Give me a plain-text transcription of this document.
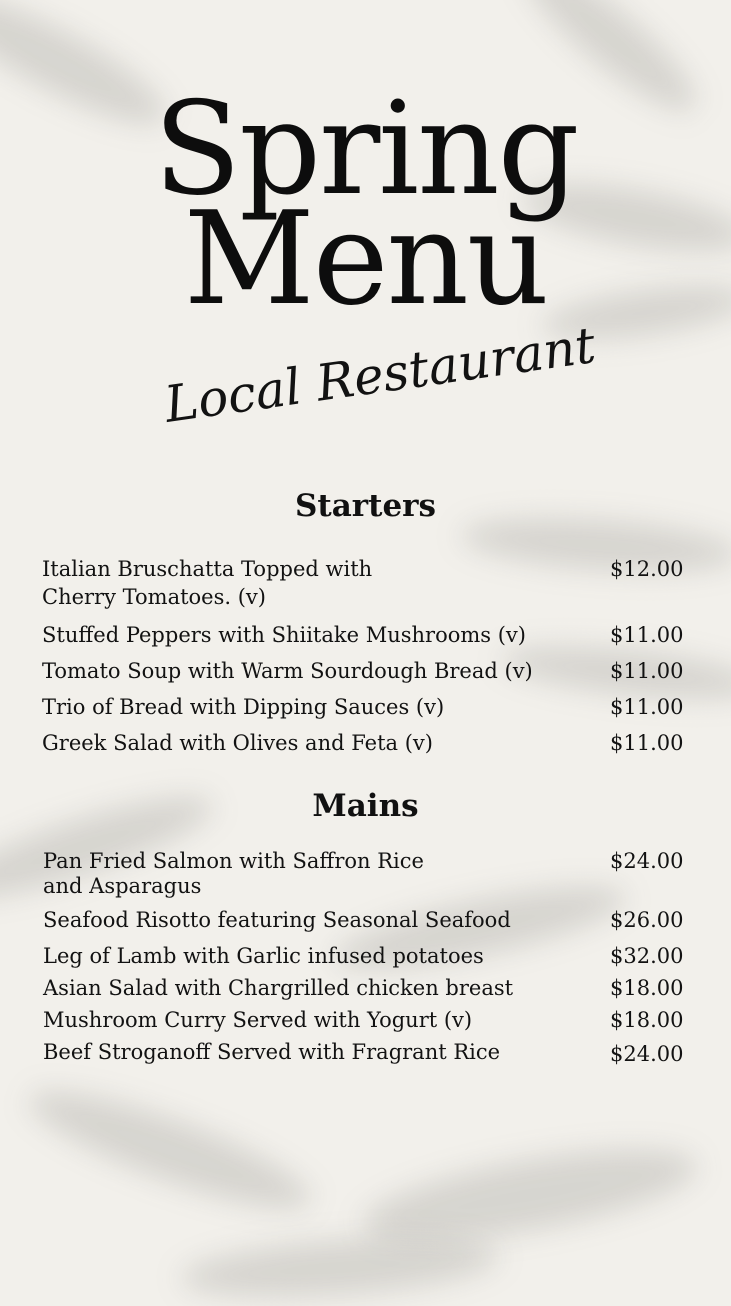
Spring
Menu
Local Restaurant
Starters
Italian Bruschatta Topped with
Cherry Tomatoes. (v)
$12.00
Stuffed Peppers with Shiitake Mushrooms (v)	$11.00
Tomato Soup with Warm Sourdough Bread (v)	$11.00
Trio of Bread with Dipping Sauces (v)	$11.00
Greek Salad with Olives and Feta (v)	$11.00
Mains
Pan Fried Salmon with Saffron Rice
and Asparagus
$24.00
Seafood Risotto featuring Seasonal Seafood	$26.00
Leg of Lamb with Garlic infused potatoes	$32.00
Asian Salad with Chargrilled chicken breast	$18.00
Mushroom Curry Served with Yogurt (v)	$18.00
Beef Stroganoff Served with Fragrant Rice	$24.00
